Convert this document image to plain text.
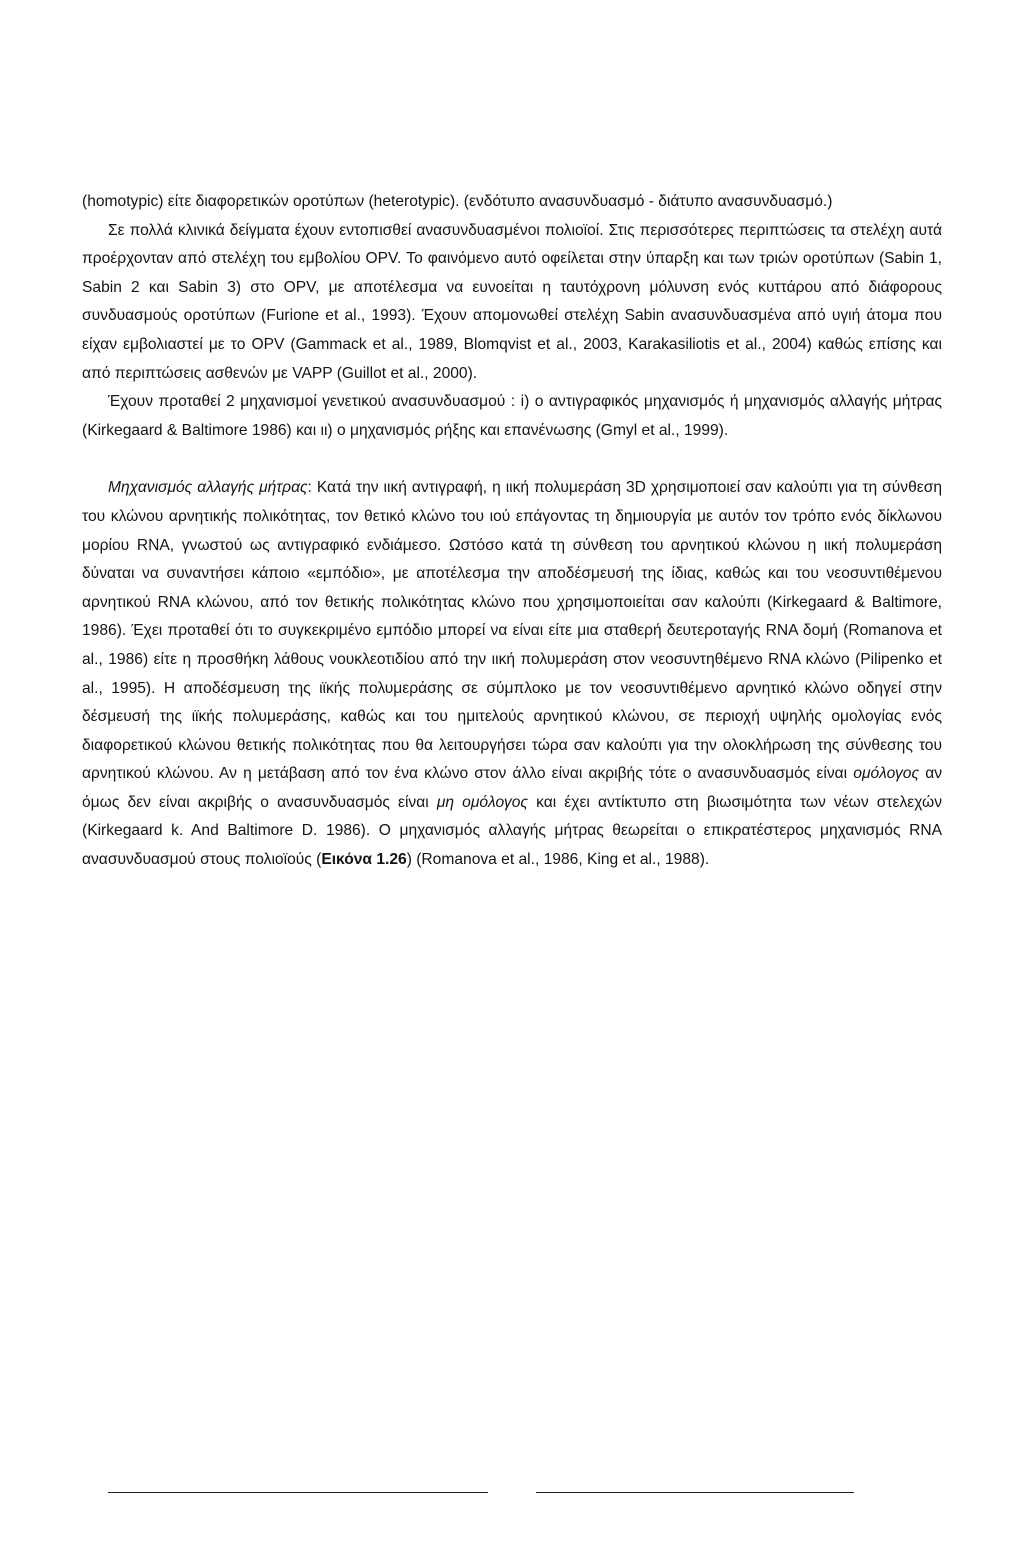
(homotypic) είτε διαφορετικών οροτύπων (heterotypic). (ενδότυπο ανασυνδυασμό - διάτυπο ανασυνδυασμό.)

Σε πολλά κλινικά δείγματα έχουν εντοπισθεί ανασυνδυασμένοι πολιοϊοί. Στις περισσότερες περιπτώσεις τα στελέχη αυτά προέρχονταν από στελέχη του εμβολίου OPV. Το φαινόμενο αυτό οφείλεται στην ύπαρξη και των τριών οροτύπων (Sabin 1, Sabin 2 και Sabin 3) στο OPV, με αποτέλεσμα να ευνοείται η ταυτόχρονη μόλυνση ενός κυττάρου από διάφορους συνδυασμούς οροτύπων (Furione et al., 1993). Έχουν απομονωθεί στελέχη Sabin ανασυνδυασμένα από υγιή άτομα που είχαν εμβολιαστεί με το OPV (Gammack et al., 1989, Blomqvist et al., 2003, Karakasiliotis et al., 2004) καθώς επίσης και από περιπτώσεις ασθενών με VAPP (Guillot et al., 2000).

Έχουν προταθεί 2 μηχανισμοί γενετικού ανασυνδυασμού : i) ο αντιγραφικός μηχανισμός ή μηχανισμός αλλαγής μήτρας (Kirkegaard & Baltimore 1986) και ιι) ο μηχανισμός ρήξης και επανένωσης (Gmyl et al., 1999).

Μηχανισμός αλλαγής μήτρας: Κατά την ιική αντιγραφή, η ιική πολυμεράση 3D χρησιμοποιεί σαν καλούπι για τη σύνθεση του κλώνου αρνητικής πολικότητας, τον θετικό κλώνο του ιού επάγοντας τη δημιουργία με αυτόν τον τρόπο ενός δίκλωνου μορίου RNA, γνωστού ως αντιγραφικό ενδιάμεσο. Ωστόσο κατά τη σύνθεση του αρνητικού κλώνου η ιική πολυμεράση δύναται να συναντήσει κάποιο «εμπόδιο», με αποτέλεσμα την αποδέσμευσή της ίδιας, καθώς και του νεοσυντιθέμενου αρνητικού RNA κλώνου, από τον θετικής πολικότητας κλώνο που χρησιμοποιείται σαν καλούπι (Kirkegaard & Baltimore, 1986). Έχει προταθεί ότι το συγκεκριμένο εμπόδιο μπορεί να είναι είτε μια σταθερή δευτεροταγής RNA δομή (Romanova et al., 1986) είτε η προσθήκη λάθους νουκλεοτιδίου από την ιική πολυμεράση στον νεοσυντηθέμενο RNA κλώνο (Pilipenko et al., 1995). Η αποδέσμευση της ιϊκής πολυμεράσης σε σύμπλοκο με τον νεοσυντιθέμενο αρνητικό κλώνο οδηγεί στην δέσμευσή της ιϊκής πολυμεράσης, καθώς και του ημιτελούς αρνητικού κλώνου, σε περιοχή υψηλής ομολογίας ενός διαφορετικού κλώνου θετικής πολικότητας που θα λειτουργήσει τώρα σαν καλούπι για την ολοκλήρωση της σύνθεσης του αρνητικού κλώνου. Αν η μετάβαση από τον ένα κλώνο στον άλλο είναι ακριβής τότε ο ανασυνδυασμός είναι ομόλογος αν όμως δεν είναι ακριβής ο ανασυνδυασμός είναι μη ομόλογος και έχει αντίκτυπο στη βιωσιμότητα των νέων στελεχών (Kirkegaard k. And Baltimore D. 1986). Ο μηχανισμός αλλαγής μήτρας θεωρείται ο επικρατέστερος μηχανισμός RNA ανασυνδυασμού στους πολιοϊούς (Εικόνα 1.26) (Romanova et al., 1986, King et al., 1988).
